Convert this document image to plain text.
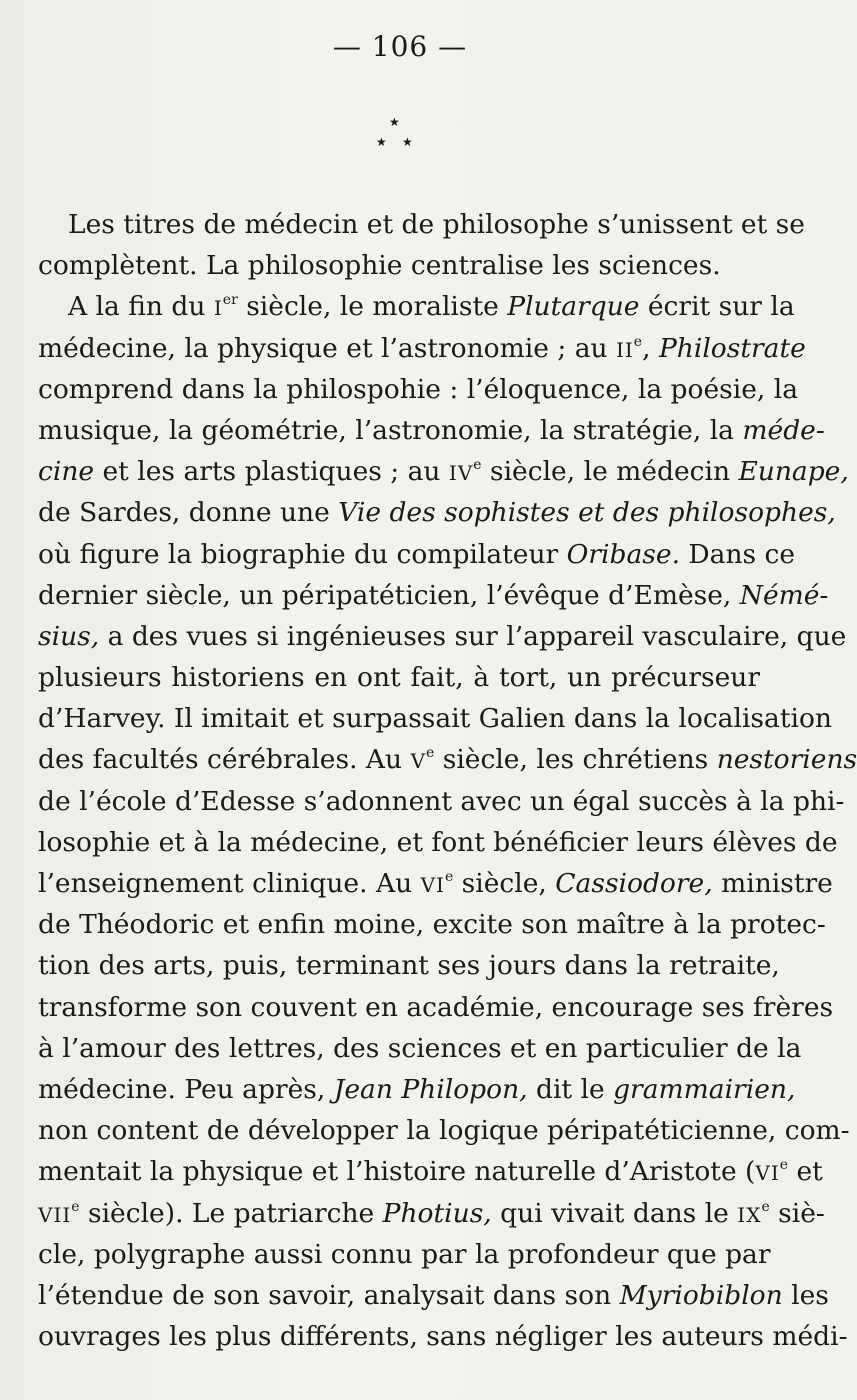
— 106 —
★
★ ★
Les titres de médecin et de philosophe s’unissent et se
complètent. La philosophie centralise les sciences.
A la fin du Ier siècle, le moraliste Plutarque écrit sur la
médecine, la physique et l’astronomie ; au IIe, Philostrate
comprend dans la philospohie : l’éloquence, la poésie, la
musique, la géométrie, l’astronomie, la stratégie, la méde-
cine et les arts plastiques ; au IVe siècle, le médecin Eunape,
de Sardes, donne une Vie des sophistes et des philosophes,
où figure la biographie du compilateur Oribase. Dans ce
dernier siècle, un péripatéticien, l’évêque d’Emèse, Némé-
sius, a des vues si ingénieuses sur l’appareil vasculaire, que
plusieurs historiens en ont fait, à tort, un précurseur
d’Harvey. Il imitait et surpassait Galien dans la localisation
des facultés cérébrales. Au Ve siècle, les chrétiens nestoriens
de l’école d’Edesse s’adonnent avec un égal succès à la phi-
losophie et à la médecine, et font bénéficier leurs élèves de
l’enseignement clinique. Au VIe siècle, Cassiodore, ministre
de Théodoric et enfin moine, excite son maître à la protec-
tion des arts, puis, terminant ses jours dans la retraite,
transforme son couvent en académie, encourage ses frères
à l’amour des lettres, des sciences et en particulier de la
médecine. Peu après, Jean Philopon, dit le grammairien,
non content de développer la logique péripatéticienne, com-
mentait la physique et l’histoire naturelle d’Aristote (VIe et
VIIe siècle). Le patriarche Photius, qui vivait dans le IXe siè-
cle, polygraphe aussi connu par la profondeur que par
l’étendue de son savoir, analysait dans son Myriobiblon les
ouvrages les plus différents, sans négliger les auteurs médi-
